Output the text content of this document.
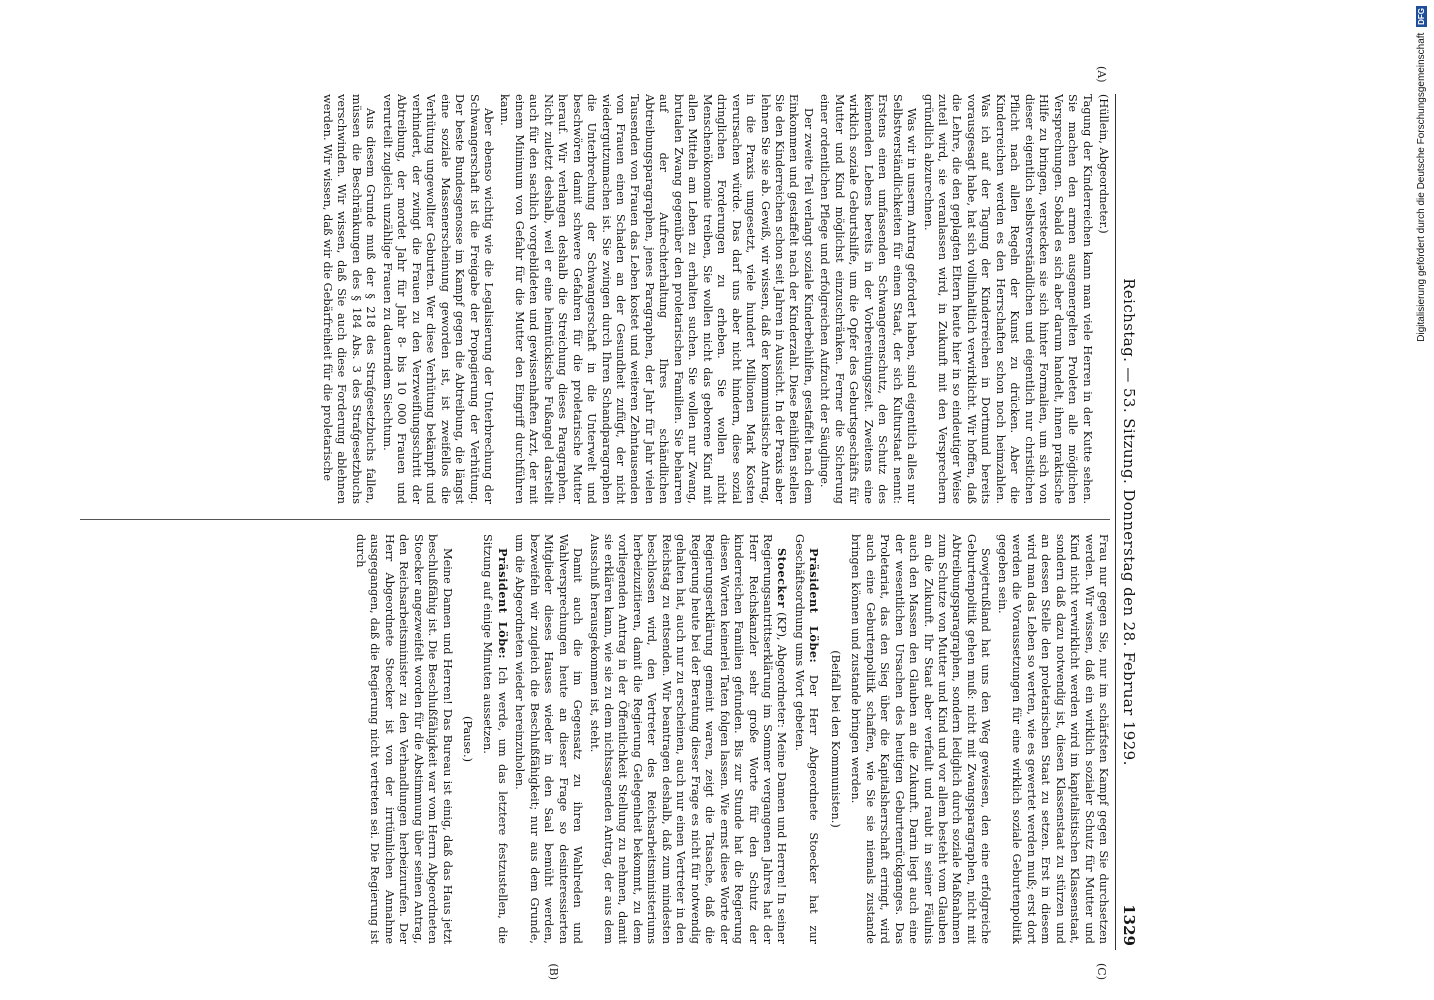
Reichstag. — 53. Sitzung. Donnerstag den 28. Februar 1929.
1329
(A)
(C)
(B)

(Hüllein, Abgeordneter.)

Tagung der Kinderreichen kann man viele Herren in der Kutte sehen. Sie machen den armen ausgemergelten Proleten alle möglichen Versprechungen. Sobald es sich aber darum handelt, ihnen praktische Hilfe zu bringen, verstecken sie sich hinter Formalien, um sich von dieser eigentlich selbstverständlichen und eigentlich nur christlichen Pflicht nach allen Regeln der Kunst zu drücken. Aber die Kinderreichen werden es den Herrschaften schon noch heimzahlen. Was ich auf der Tagung der Kinderreichen in Dortmund bereits vorausgesagt habe, hat sich vollinhaltlich verwirklicht. Wir hoffen, daß die Lehre, die den geplagten Eltern heute hier in so eindeutiger Weise zuteil wird, sie veranlassen wird, in Zukunft mit den Versprechern gründlich abzurechnen.

Was wir in unserm Antrag gefordert haben, sind eigentlich alles nur Selbstverständlichkeiten für einen Staat, der sich Kulturstaat nennt: Erstens einen umfassenden Schwangerenschutz, den Schutz des keimenden Lebens bereits in der Vorbereitungszeit. Zweitens eine wirklich soziale Geburtshilfe, um die Opfer des Geburtsgeschäfts für Mutter und Kind möglichst einzuschränken. Ferner die Sicherung einer ordentlichen Pflege und erfolgreichen Aufzucht der Säuglinge.

Der zweite Teil verlangt soziale Kinderbeihilfen, gestaffelt nach dem Einkommen und gestaffelt nach der Kinderzahl. Diese Beihilfen stellen Sie den Kinderreichen schon seit Jahren in Aussicht. In der Praxis aber lehnen Sie sie ab. Gewiß, wir wissen, daß der kommunistische Antrag, in die Praxis umgesetzt, viele hundert Millionen Mark Kosten verursachen würde. Das darf uns aber nicht hindern, diese sozial dringlichen Forderungen zu erheben. Sie wollen nicht Menschenökonomie treiben, Sie wollen nicht das geborene Kind mit allen Mitteln am Leben zu erhalten suchen. Sie wollen nur Zwang, brutalen Zwang gegenüber den proletarischen Familien. Sie beharren auf der Aufrechterhaltung Ihres schändlichen Abtreibungsparagraphen, jenes Paragraphen, der Jahr für Jahr vielen Tausenden von Frauen das Leben kostet und weiteren Zehntausenden von Frauen einen Schaden an der Gesundheit zufügt, der nicht wiedergutzumachen ist. Sie zwingen durch Ihren Schandparagraphen die Unterbrechung der Schwangerschaft in die Unterwelt und beschwören damit schwere Gefahren für die proletarische Mutter herauf. Wir verlangen deshalb die Streichung dieses Paragraphen. Nicht zuletzt deshalb, weil er eine heimtückische Fußangel darstellt auch für den sachlich vorgebildeten und gewissenhaften Arzt, der mit einem Minimum von Gefahr für die Mutter den Eingriff durchführen kann.

Aber ebenso wichtig wie die Legalisierung der Unterbrechung der Schwangerschaft ist die Freigabe der Propagierung der Verhütung. Der beste Bundesgenosse im Kampf gegen die Abtreibung, die längst eine soziale Massenerscheinung geworden ist, ist zweifellos die Verhütung ungewollter Geburten. Wer diese Verhütung bekämpft und verhindert, der zwingt die Frauen zu den Verzweiflungsschritt der Abtreibung, der mordet Jahr für Jahr 8- bis 10 000 Frauen und verurteilt zugleich unzählige Frauen zu dauerndem Siechtum.

Aus diesem Grunde muß der § 218 des Strafgesetzbuchs fallen, müssen die Beschränkungen des § 184 Abs. 3 des Strafgesetzbuchs verschwinden. Wir wissen, daß Sie auch diese Forderung ablehnen werden. Wir wissen, daß wir die Gebärfreiheit für die proletarische

Frau nur gegen Sie, nur im schärfsten Kampf gegen Sie durchsetzen werden. Wir wissen, daß ein wirklich sozialer Schutz für Mutter und Kind nicht verwirklicht werden wird im kapitalistischen Klassenstaat, sondern daß dazu notwendig ist, diesen Klassenstaat zu stürzen und an dessen Stelle den proletarischen Staat zu setzen. Erst in diesem wird man das Leben so werten, wie es gewertet werden muß; erst dort werden die Voraussetzungen für eine wirklich soziale Geburtenpolitik gegeben sein.

Sowjetrußland hat uns den Weg gewiesen, den eine erfolgreiche Geburtenpolitik gehen muß: nicht mit Zwangsparagraphen, nicht mit Abtreibungsparagraphen, sondern lediglich durch soziale Maßnahmen zum Schutze von Mutter und Kind und vor allem besteht vom Glauben an die Zukunft. Ihr Staat aber verfault und raubt in seiner Fäulnis auch den Massen den Glauben an die Zukunft. Darin liegt auch eine der wesentlichen Ursachen des heutigen Geburtenrückganges. Das Proletariat, das den Sieg über die Kapitalsherrschaft erringt, wird auch eine Geburtenpolitik schaffen, wie Sie sie niemals zustande bringen können und zustande bringen werden.

(Beifall bei den Kommunisten.)

Präsident Löbe: Der Herr Abgeordnete Stoecker hat zur Geschäftsordnung ums Wort gebeten.

Stoecker (KP), Abgeordneter: Meine Damen und Herren! In seiner Regierungsantrittserklärung im Sommer vergangenen Jahres hat der Herr Reichskanzler sehr große Worte für den Schutz der kinderreichen Familien gefunden. Bis zur Stunde hat die Regierung diesen Worten keinerlei Taten folgen lassen. Wie ernst diese Worte der Regierungserklärung gemeint waren, zeigt die Tatsache, daß die Regierung heute bei der Beratung dieser Frage es nicht für notwendig gehalten hat, auch nur zu erscheinen, auch nur einen Vertreter in den Reichstag zu entsenden. Wir beantragen deshalb, daß zum mindesten beschlossen wird, den Vertreter des Reichsarbeitsministeriums herbeizuzitieren, damit die Regierung Gelegenheit bekommt, zu dem vorliegenden Antrag in der Öffentlichkeit Stellung zu nehmen, damit sie erklären kann, wie sie zu dem nichtssagenden Antrag, der aus dem Ausschuß herausgekommen ist, steht.

Damit auch die im Gegensatz zu ihren Wahlreden und Wahlversprechungen heute an dieser Frage so desinteressierten Mitglieder dieses Hauses wieder in den Saal bemüht werden, bezweifeln wir zugleich die Beschlußfähigkeit; nur aus dem Grunde, um die Abgeordneten wieder hereinzuholen.

Präsident Löbe: Ich werde, um das letztere festzustellen, die Sitzung auf einige Minuten aussetzen.

(Pause.)

Meine Damen und Herren! Das Bureau ist einig, daß das Haus jetzt beschlußfähig ist. Die Beschlußfähigkeit war vom Herrn Abgeordneten Stoecker angezweifelt worden für die Abstimmung über seinen Antrag, den Reichsarbeitsminister zu den Verhandlungen herbeizurufen. Der Herr Abgeordnete Stoecker ist von der irrtümlichen Annahme ausgegangen, daß die Regierung nicht vertreten sei. Die Regierung ist durch

Digitalisierung gefördert durch die Deutsche Forschungsgemeinschaft DFG
